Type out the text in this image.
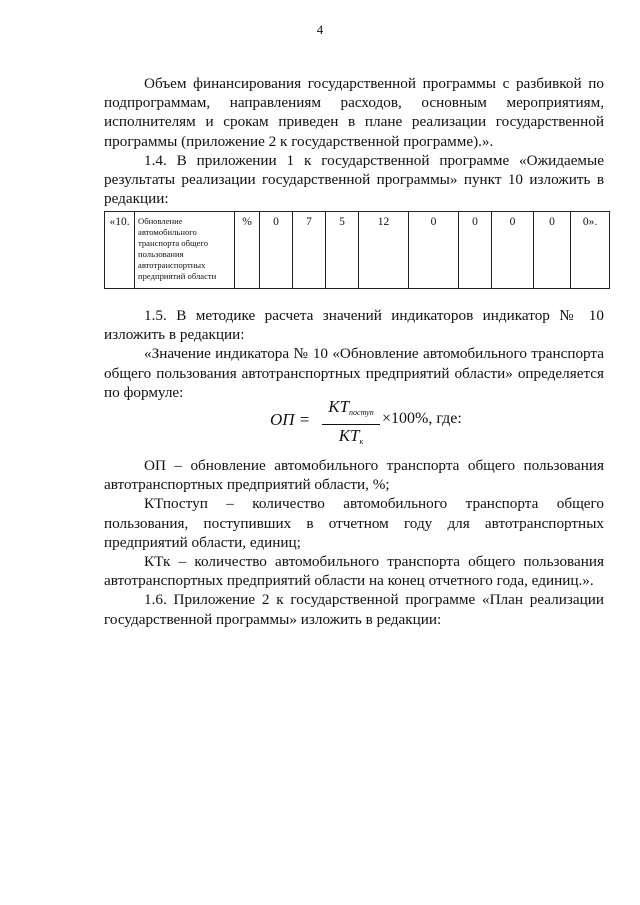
4

Объем финансирования государственной программы с разбивкой по подпрограммам, направлениям расходов, основным мероприятиям, исполнителям и срокам приведен в плане реализации государственной программы (приложение 2 к государственной программе).».

1.4. В приложении 1 к государственной программе «Ожидаемые результаты реализации государственной программы» пункт 10 изложить в редакции:

«10.	Обновление автомобильного транспорта общего пользования автотранспортных предприятий области	%	0	7	5	12	0	0	0	0	0».

1.5. В методике расчета значений индикаторов индикатор № 10 изложить в редакции:

«Значение индикатора № 10 «Обновление автомобильного транспорта общего пользования автотранспортных предприятий области» определяется по формуле:

ОП =
$КТ_{поступ}$
$КТ_к$
×100%, где:

ОП – обновление автомобильного транспорта общего пользования автотранспортных предприятий области, %;

КТпоступ – количество автомобильного транспорта общего пользования, поступивших в отчетном году для автотранспортных предприятий области, единиц;

КТк – количество автомобильного транспорта общего пользования автотранспортных предприятий области на конец отчетного года, единиц.».

1.6. Приложение 2 к государственной программе «План реализации государственной программы» изложить в редакции:
